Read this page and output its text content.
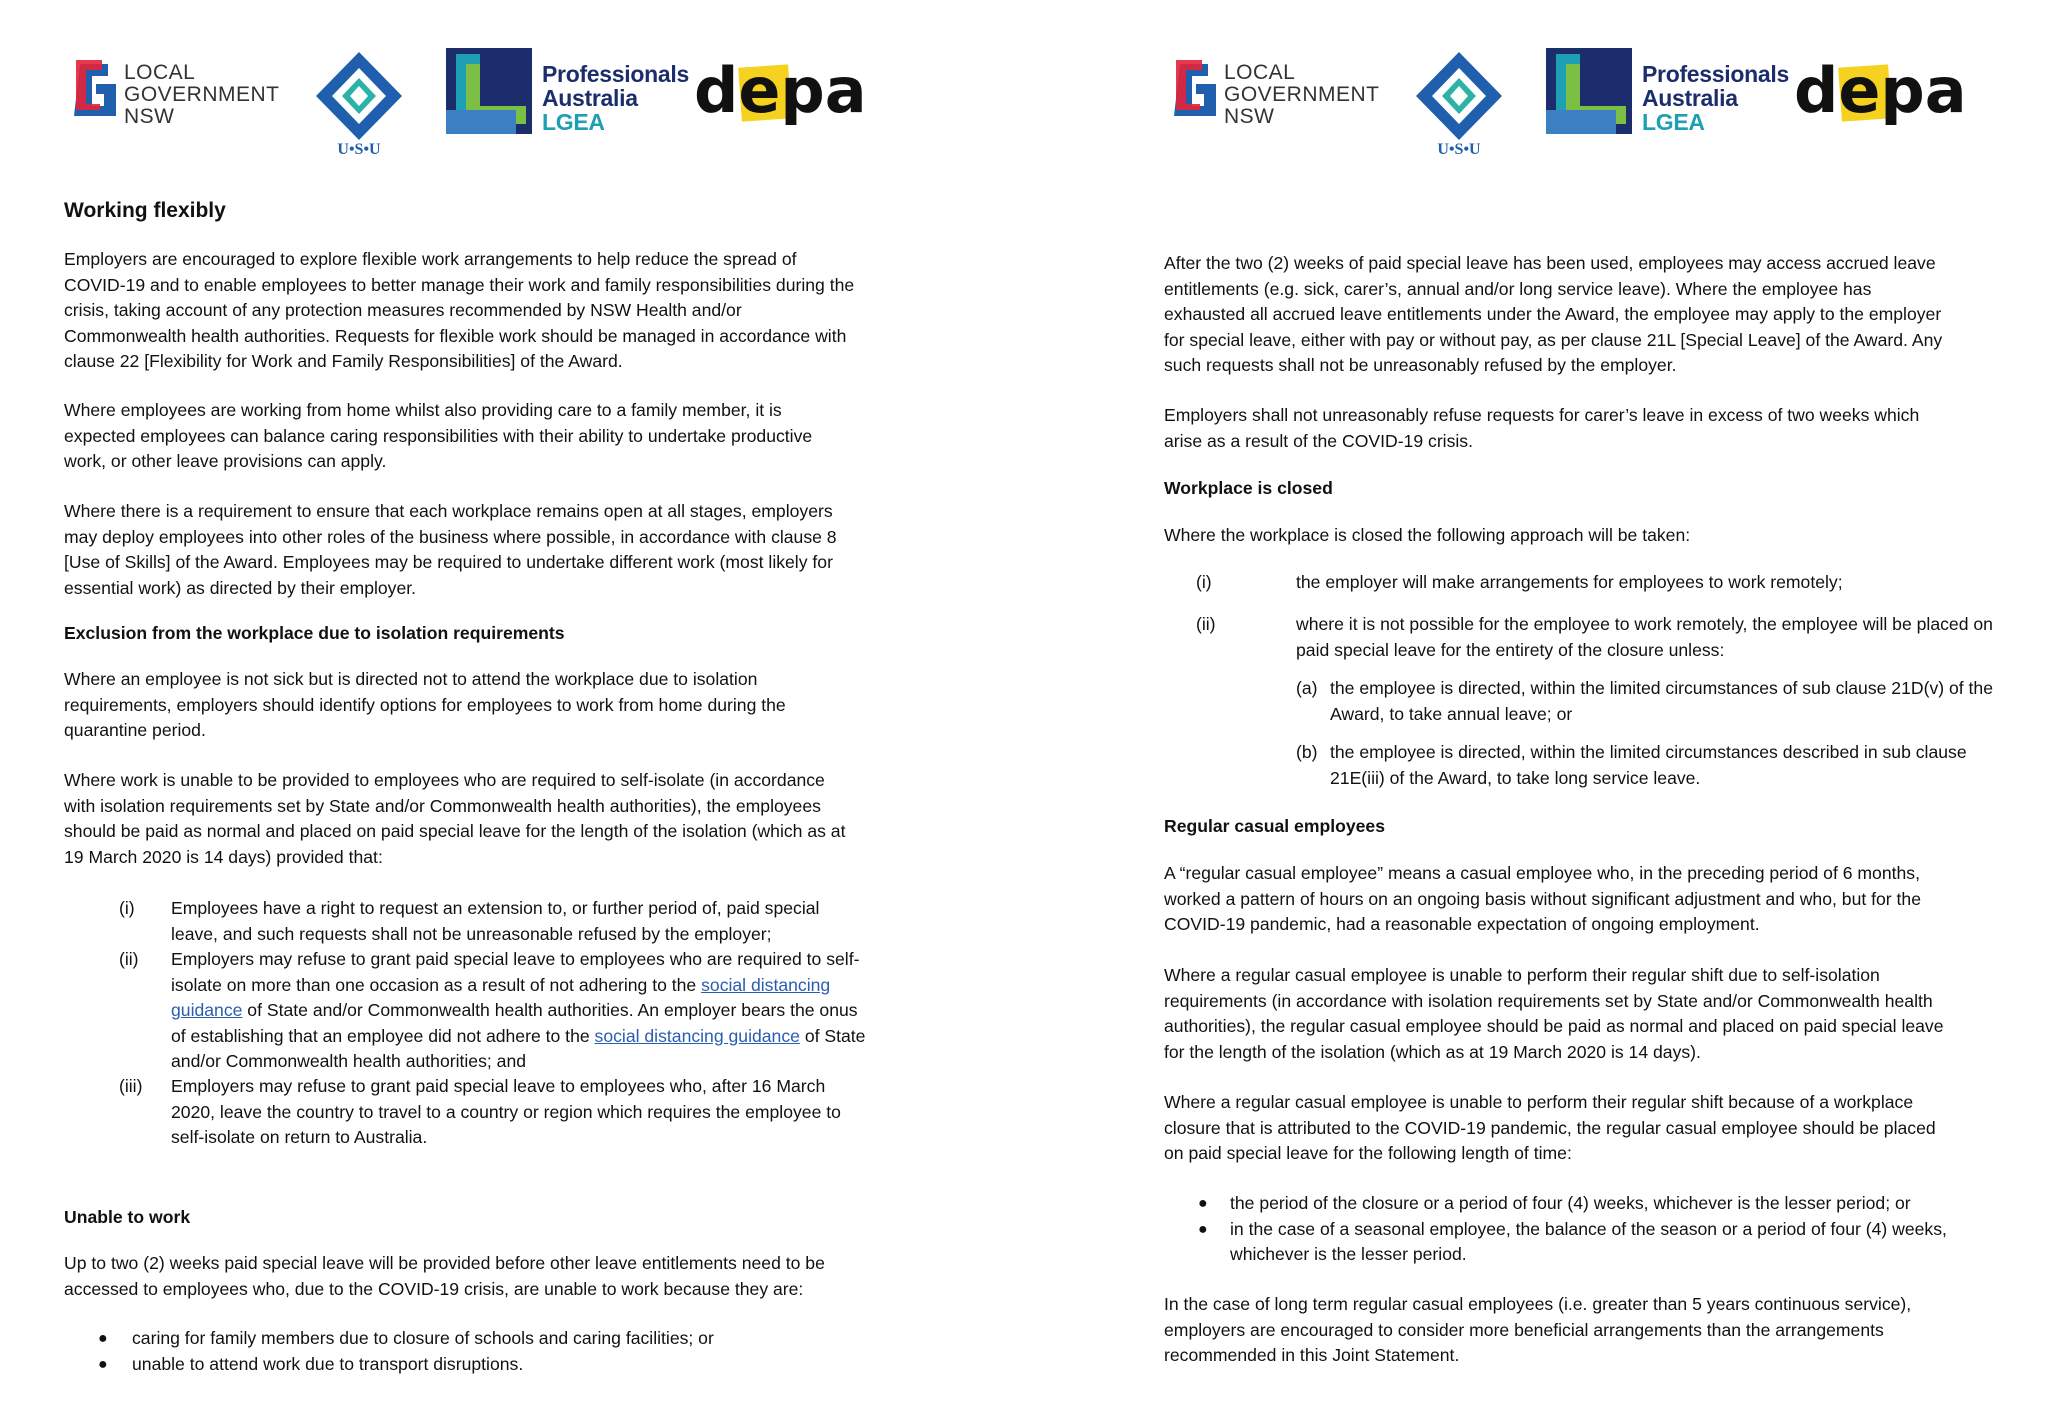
LOCAL
GOVERNMENT
NSW
U•S•U
Professionals
Australia
LGEA	depa

Working flexibly

Employers are encouraged to explore flexible work arrangements to help reduce the spread of

COVID-19 and to enable employees to better manage their work and family responsibilities during the

crisis, taking account of any protection measures recommended by NSW Health and/or

Commonwealth health authorities. Requests for flexible work should be managed in accordance with

clause 22 [Flexibility for Work and Family Responsibilities] of the Award.

Where employees are working from home whilst also providing care to a family member, it is

expected employees can balance caring responsibilities with their ability to undertake productive

work, or other leave provisions can apply.

Where there is a requirement to ensure that each workplace remains open at all stages, employers

may deploy employees into other roles of the business where possible, in accordance with clause 8

[Use of Skills] of the Award. Employees may be required to undertake different work (most likely for

essential work) as directed by their employer.

Exclusion from the workplace due to isolation requirements

Where an employee is not sick but is directed not to attend the workplace due to isolation

requirements, employers should identify options for employees to work from home during the

quarantine period.

Where work is unable to be provided to employees who are required to self-isolate (in accordance

with isolation requirements set by State and/or Commonwealth health authorities), the employees

should be paid as normal and placed on paid special leave for the length of the isolation (which as at

19 March 2020 is 14 days) provided that:

(i) Employees have a right to request an extension to, or further period of, paid special

leave, and such requests shall not be unreasonable refused by the employer;

(ii) Employers may refuse to grant paid special leave to employees who are required to self-

isolate on more than one occasion as a result of not adhering to the social distancing

guidance of State and/or Commonwealth health authorities. An employer bears the onus

of establishing that an employee did not adhere to the social distancing guidance of State

and/or Commonwealth health authorities; and

(iii) Employers may refuse to grant paid special leave to employees who, after 16 March

2020, leave the country to travel to a country or region which requires the employee to

self-isolate on return to Australia.

Unable to work

Up to two (2) weeks paid special leave will be provided before other leave entitlements need to be

accessed to employees who, due to the COVID-19 crisis, are unable to work because they are:

● caring for family members due to closure of schools and caring facilities; or

● unable to attend work due to transport disruptions.

LOCAL
GOVERNMENT
NSW
U•S•U
Professionals
Australia
LGEA	depa

After the two (2) weeks of paid special leave has been used, employees may access accrued leave

entitlements (e.g. sick, carer’s, annual and/or long service leave). Where the employee has

exhausted all accrued leave entitlements under the Award, the employee may apply to the employer

for special leave, either with pay or without pay, as per clause 21L [Special Leave] of the Award. Any

such requests shall not be unreasonably refused by the employer.

Employers shall not unreasonably refuse requests for carer’s leave in excess of two weeks which

arise as a result of the COVID-19 crisis.

Workplace is closed

Where the workplace is closed the following approach will be taken:

(i)	the employer will make arrangements for employees to work remotely;

(ii)	where it is not possible for the employee to work remotely, the employee will be placed on

paid special leave for the entirety of the closure unless:

(a) the employee is directed, within the limited circumstances of sub clause 21D(v) of the

Award, to take annual leave; or

(b) the employee is directed, within the limited circumstances described in sub clause

21E(iii) of the Award, to take long service leave.

Regular casual employees

A “regular casual employee” means a casual employee who, in the preceding period of 6 months,

worked a pattern of hours on an ongoing basis without significant adjustment and who, but for the

COVID-19 pandemic, had a reasonable expectation of ongoing employment.

Where a regular casual employee is unable to perform their regular shift due to self-isolation

requirements (in accordance with isolation requirements set by State and/or Commonwealth health

authorities), the regular casual employee should be paid as normal and placed on paid special leave

for the length of the isolation (which as at 19 March 2020 is 14 days).

Where a regular casual employee is unable to perform their regular shift because of a workplace

closure that is attributed to the COVID-19 pandemic, the regular casual employee should be placed

on paid special leave for the following length of time:

● the period of the closure or a period of four (4) weeks, whichever is the lesser period; or

● in the case of a seasonal employee, the balance of the season or a period of four (4) weeks,

whichever is the lesser period.

In the case of long term regular casual employees (i.e. greater than 5 years continuous service),

employers are encouraged to consider more beneficial arrangements than the arrangements

recommended in this Joint Statement.
